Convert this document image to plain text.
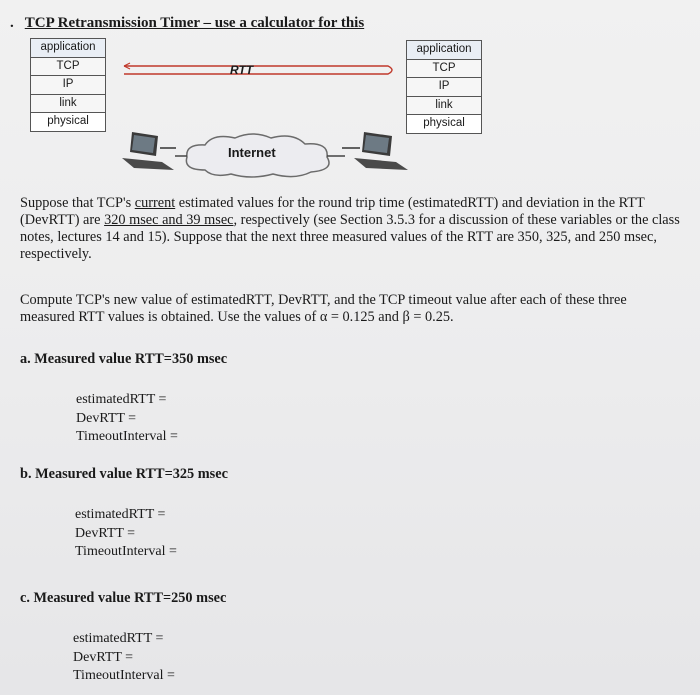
. TCP Retransmission Timer – use a calculator for this
application
TCP
IP
link
physical
application
TCP
IP
link
physical
RTT
Internet
Suppose that TCP's current estimated values for the round trip time (estimatedRTT) and deviation in the RTT (DevRTT) are 320 msec and 39 msec, respectively (see Section 3.5.3 for a discussion of these variables or the class notes, lectures 14 and 15). Suppose that the next three measured values of the RTT are 350, 325, and 250 msec, respectively.
Compute TCP's new value of estimatedRTT, DevRTT, and the TCP timeout value after each of these three measured RTT values is obtained. Use the values of α = 0.125 and β = 0.25.
a. Measured value RTT=350 msec
estimatedRTT =
DevRTT =
TimeoutInterval =
b. Measured value RTT=325 msec
estimatedRTT =
DevRTT =
TimeoutInterval =
c. Measured value RTT=250 msec
estimatedRTT =
DevRTT =
TimeoutInterval =
